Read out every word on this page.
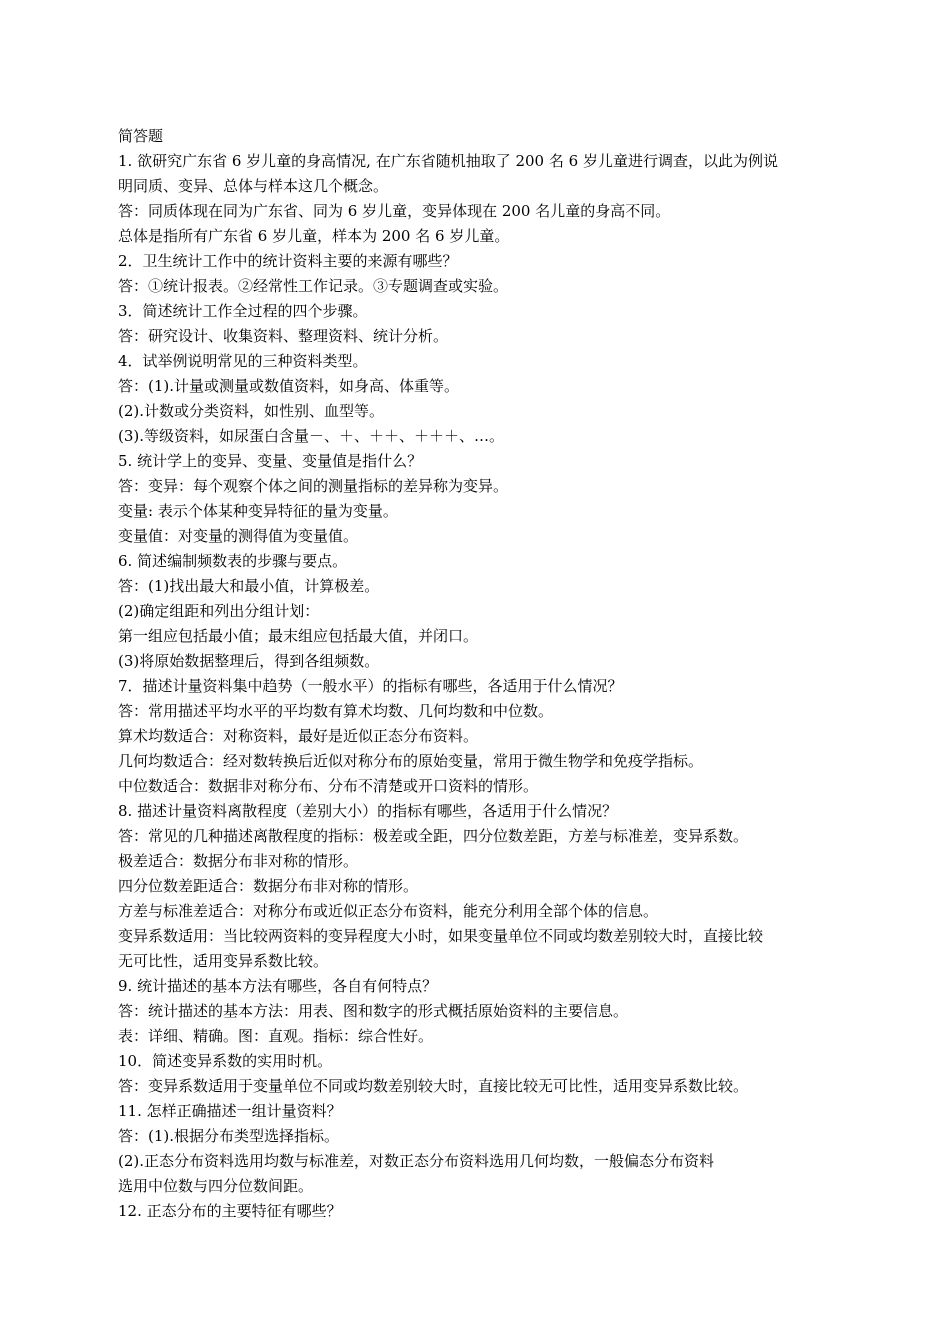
简答题
1. 欲研究广东省 6 岁儿童的身高情况, 在广东省随机抽取了 200 名 6 岁儿童进行调查，以此为例说
明同质、变异、总体与样本这几个概念。
答：同质体现在同为广东省、同为 6 岁儿童，变异体现在 200 名儿童的身高不同。
总体是指所有广东省 6 岁儿童，样本为 200 名 6 岁儿童。
2．卫生统计工作中的统计资料主要的来源有哪些？
答：①统计报表。②经常性工作记录。③专题调查或实验。
3．简述统计工作全过程的四个步骤。
答：研究设计、收集资料、整理资料、统计分析。
4．试举例说明常见的三种资料类型。
答：(1).计量或测量或数值资料，如身高、体重等。
(2).计数或分类资料，如性别、血型等。
(3).等级资料，如尿蛋白含量－、＋、＋＋、＋＋＋、…。
5. 统计学上的变异、变量、变量值是指什么？
答：变异：每个观察个体之间的测量指标的差异称为变异。
变量: 表示个体某种变异特征的量为变量。
变量值：对变量的测得值为变量值。
6. 简述编制频数表的步骤与要点。
答：(1)找出最大和最小值，计算极差。
(2)确定组距和列出分组计划：
第一组应包括最小值；最末组应包括最大值，并闭口。
(3)将原始数据整理后，得到各组频数。
7．描述计量资料集中趋势（一般水平）的指标有哪些，各适用于什么情况？
答：常用描述平均水平的平均数有算术均数、几何均数和中位数。
算术均数适合：对称资料，最好是近似正态分布资料。
几何均数适合：经对数转换后近似对称分布的原始变量，常用于微生物学和免疫学指标。
中位数适合：数据非对称分布、分布不清楚或开口资料的情形。
8. 描述计量资料离散程度（差别大小）的指标有哪些，各适用于什么情况？
答：常见的几种描述离散程度的指标：极差或全距，四分位数差距，方差与标准差，变异系数。
极差适合：数据分布非对称的情形。
四分位数差距适合：数据分布非对称的情形。
方差与标准差适合：对称分布或近似正态分布资料，能充分利用全部个体的信息。
变异系数适用：当比较两资料的变异程度大小时，如果变量单位不同或均数差别较大时，直接比较
无可比性，适用变异系数比较。
9. 统计描述的基本方法有哪些，各自有何特点？
答：统计描述的基本方法：用表、图和数字的形式概括原始资料的主要信息。
表：详细、精确。图：直观。指标：综合性好。
10．简述变异系数的实用时机。
答：变异系数适用于变量单位不同或均数差别较大时，直接比较无可比性，适用变异系数比较。
11. 怎样正确描述一组计量资料？
答：(1).根据分布类型选择指标。
(2).正态分布资料选用均数与标准差，对数正态分布资料选用几何均数，一般偏态分布资料
选用中位数与四分位数间距。
12. 正态分布的主要特征有哪些？
